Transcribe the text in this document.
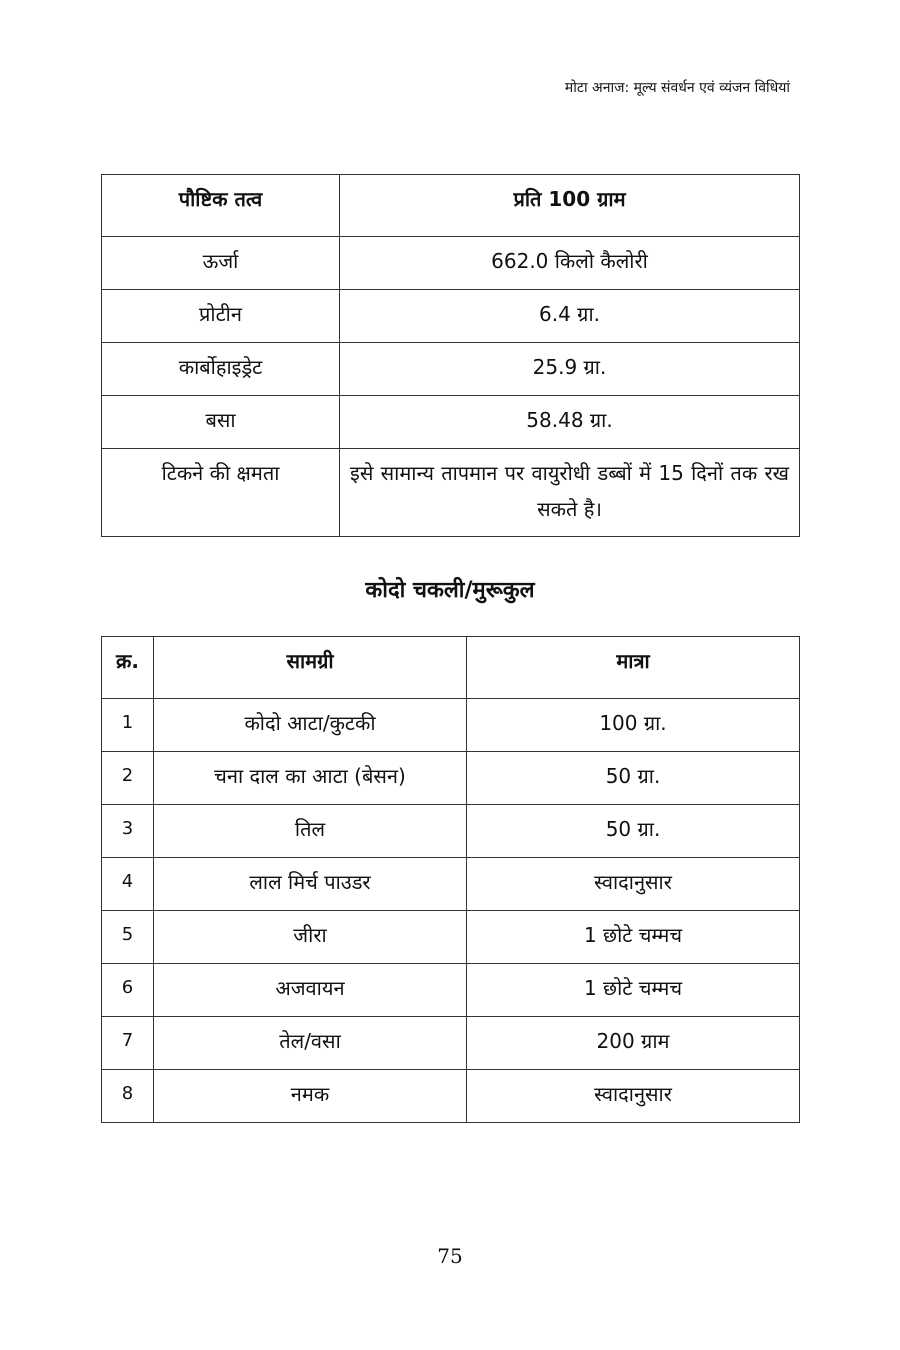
मोटा अनाज: मूल्य संवर्धन एवं व्यंजन विधियां
पौष्टिक तत्व	प्रति 100 ग्राम
ऊर्जा	662.0 किलो कैलोरी
प्रोटीन	6.4 ग्रा.
कार्बोहाइड्रेट	25.9 ग्रा.
बसा	58.48 ग्रा.
टिकने की क्षमता	इसे सामान्य तापमान पर वायुरोधी डब्बों में 15 दिनों तक रख सकते है।
कोदो चकली/मुरूकुल
क्र.	सामग्री	मात्रा
1	कोदो आटा/कुटकी	100 ग्रा.
2	चना दाल का आटा (बेसन)	50 ग्रा.
3	तिल	50 ग्रा.
4	लाल मिर्च पाउडर	स्वादानुसार
5	जीरा	1 छोटे चम्मच
6	अजवायन	1 छोटे चम्मच
7	तेल/वसा	200 ग्राम
8	नमक	स्वादानुसार
75
